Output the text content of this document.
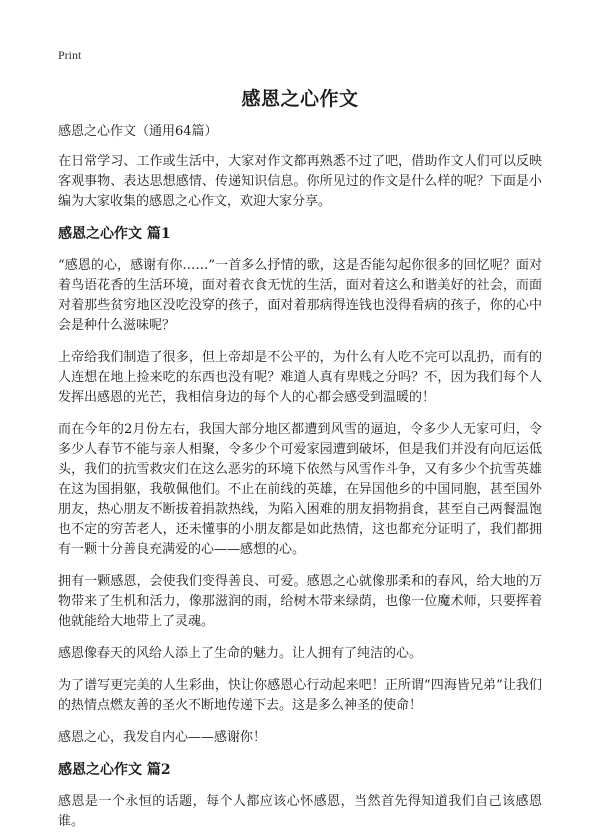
Print
感恩之心作文
感恩之心作文（通用64篇）

在日常学习、工作或生活中，大家对作文都再熟悉不过了吧，借助作文人们可以反映客观事物、表达思想感情、传递知识信息。你所见过的作文是什么样的呢？下面是小编为大家收集的感恩之心作文，欢迎大家分享。

感恩之心作文 篇1

“感恩的心，感谢有你……”一首多么抒情的歌，这是否能勾起你很多的回忆呢？面对着鸟语花香的生活环境，面对着衣食无忧的生活，面对着这么和谐美好的社会，而面对着那些贫穷地区没吃没穿的孩子，面对着那病得连钱也没得看病的孩子，你的心中会是种什么滋味呢？

上帝给我们制造了很多，但上帝却是不公平的，为什么有人吃不完可以乱扔，而有的人连想在地上捡来吃的东西也没有呢？难道人真有卑贱之分吗？不，因为我们每个人发挥出感恩的光芒，我相信身边的每个人的心都会感受到温暖的！

而在今年的2月份左右，我国大部分地区都遭到风雪的逼迫，令多少人无家可归，令多少人春节不能与亲人相聚，令多少个可爱家园遭到破坏，但是我们并没有向厄运低头，我们的抗雪救灾们在这么恶劣的环境下依然与风雪作斗争，又有多少个抗雪英雄在这为国捐躯，我敬佩他们。不止在前线的英雄，在异国他乡的中国同胞，甚至国外朋友，热心朋友不断拔着捐款热线，为陷入困难的朋友捐物捐食，甚至自己两餐温饱也不定的穷苦老人，还未懂事的小朋友都是如此热情，这也都充分证明了，我们都拥有一颗十分善良充满爱的心——感想的心。

拥有一颗感恩，会使我们变得善良、可爱。感恩之心就像那柔和的春风，给大地的万物带来了生机和活力，像那滋润的雨，给树木带来绿荫，也像一位魔术师，只要挥着他就能给大地带上了灵魂。

感恩像春天的风给人添上了生命的魅力。让人拥有了纯洁的心。

为了谱写更完美的人生彩曲，快让你感恩心行动起来吧！正所谓“四海皆兄弟”让我们的热情点燃友善的圣火不断地传递下去。这是多么神圣的使命！

感恩之心，我发自内心——感谢你！

感恩之心作文 篇2

感恩是一个永恒的话题，每个人都应该心怀感恩，当然首先得知道我们自己该感恩谁。
